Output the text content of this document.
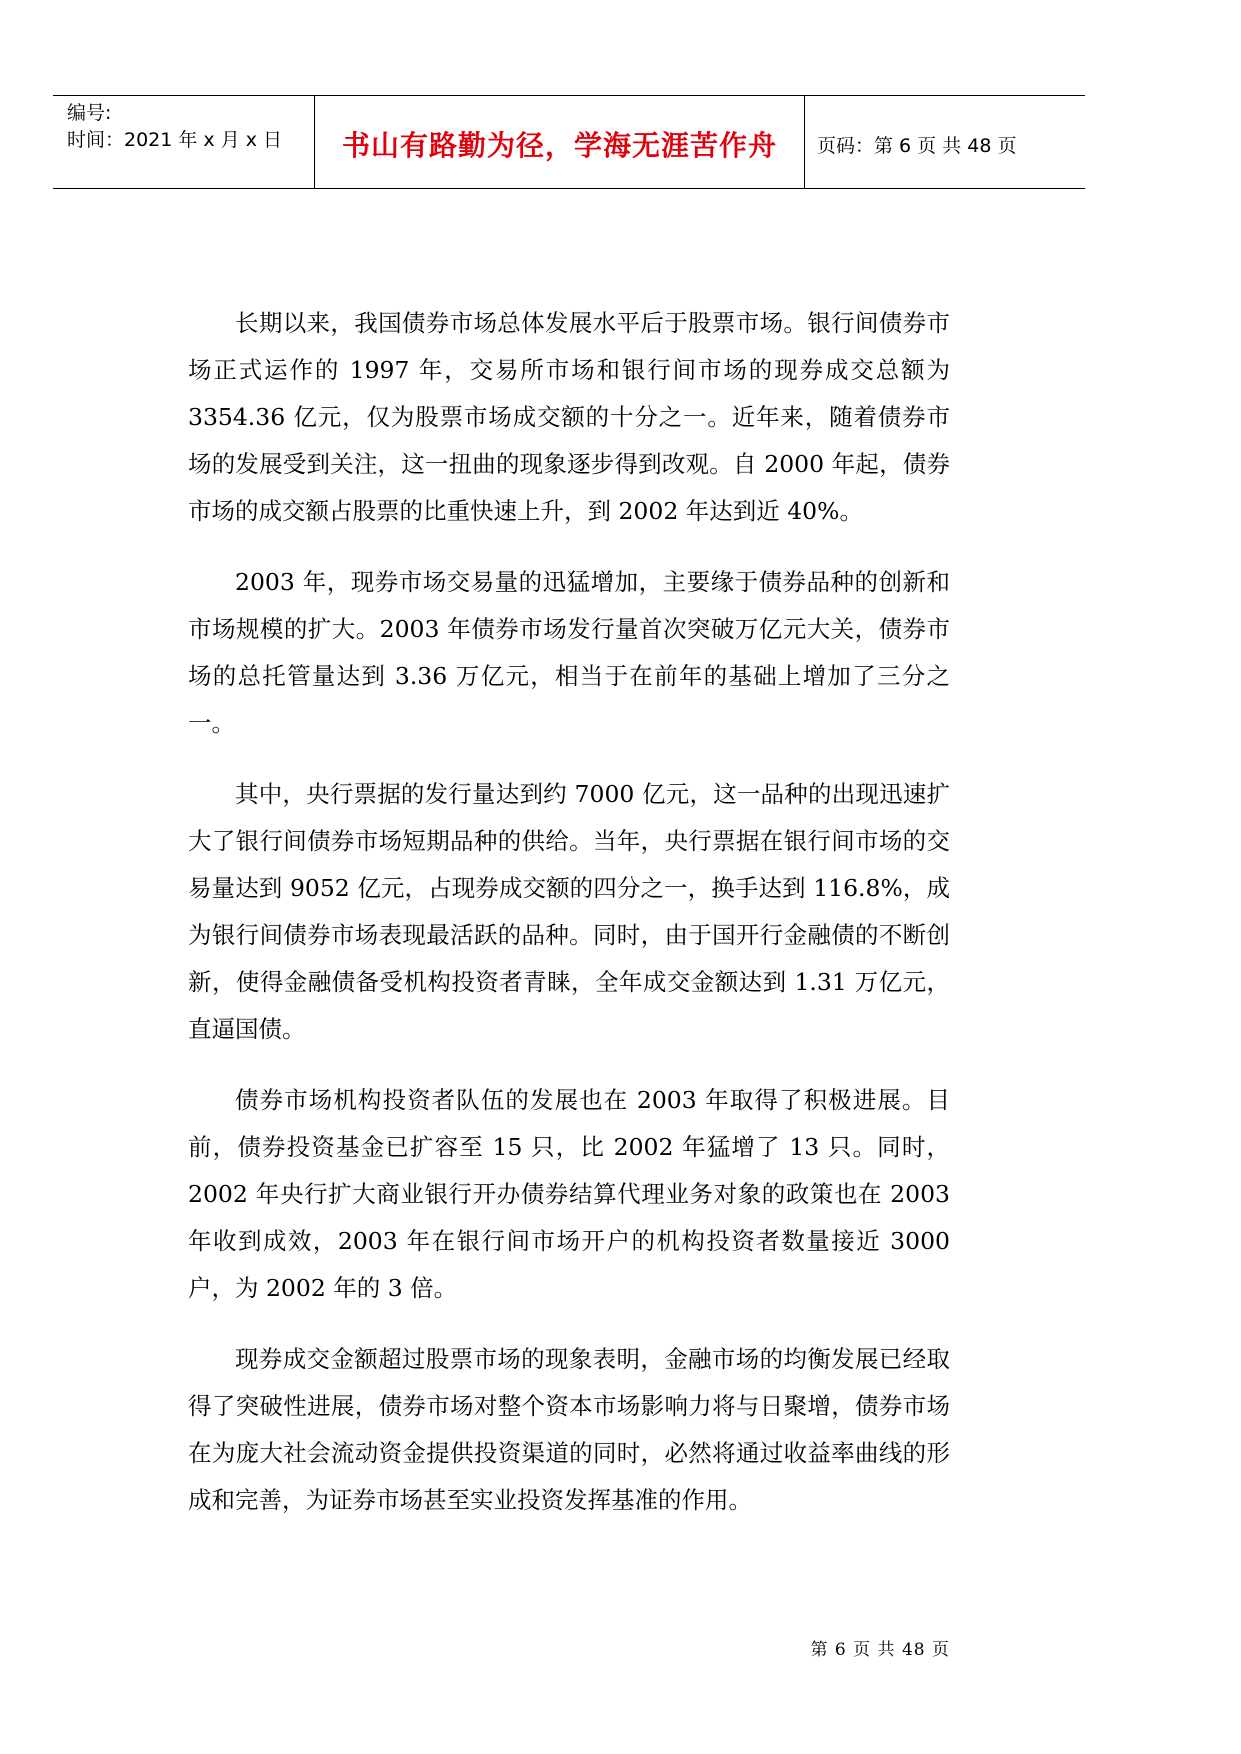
编号:
时间：2021 年 x 月 x 日	书山有路勤为径，学海无涯苦作舟	页码：第 6 页 共 48 页

长期以来，我国债券市场总体发展水平后于股票市场。银行间债券市场正式运作的 1997 年，交易所市场和银行间市场的现券成交总额为 3354.36 亿元，仅为股票市场成交额的十分之一。近年来，随着债券市场的发展受到关注，这一扭曲的现象逐步得到改观。自 2000 年起，债券市场的成交额占股票的比重快速上升，到 2002 年达到近 40%。

2003 年，现券市场交易量的迅猛增加，主要缘于债券品种的创新和市场规模的扩大。2003 年债券市场发行量首次突破万亿元大关，债券市场的总托管量达到 3.36 万亿元，相当于在前年的基础上增加了三分之一。

其中，央行票据的发行量达到约 7000 亿元，这一品种的出现迅速扩大了银行间债券市场短期品种的供给。当年，央行票据在银行间市场的交易量达到 9052 亿元，占现券成交额的四分之一，换手达到 116.8%，成为银行间债券市场表现最活跃的品种。同时，由于国开行金融债的不断创新，使得金融债备受机构投资者青睐，全年成交金额达到 1.31 万亿元，直逼国债。

债券市场机构投资者队伍的发展也在 2003 年取得了积极进展。目前，债券投资基金已扩容至 15 只，比 2002 年猛增了 13 只。同时，2002 年央行扩大商业银行开办债券结算代理业务对象的政策也在 2003 年收到成效，2003 年在银行间市场开户的机构投资者数量接近 3000 户，为 2002 年的 3 倍。

现券成交金额超过股票市场的现象表明，金融市场的均衡发展已经取得了突破性进展，债券市场对整个资本市场影响力将与日聚增，债券市场在为庞大社会流动资金提供投资渠道的同时，必然将通过收益率曲线的形成和完善，为证券市场甚至实业投资发挥基准的作用。

第 6 页 共 48 页
